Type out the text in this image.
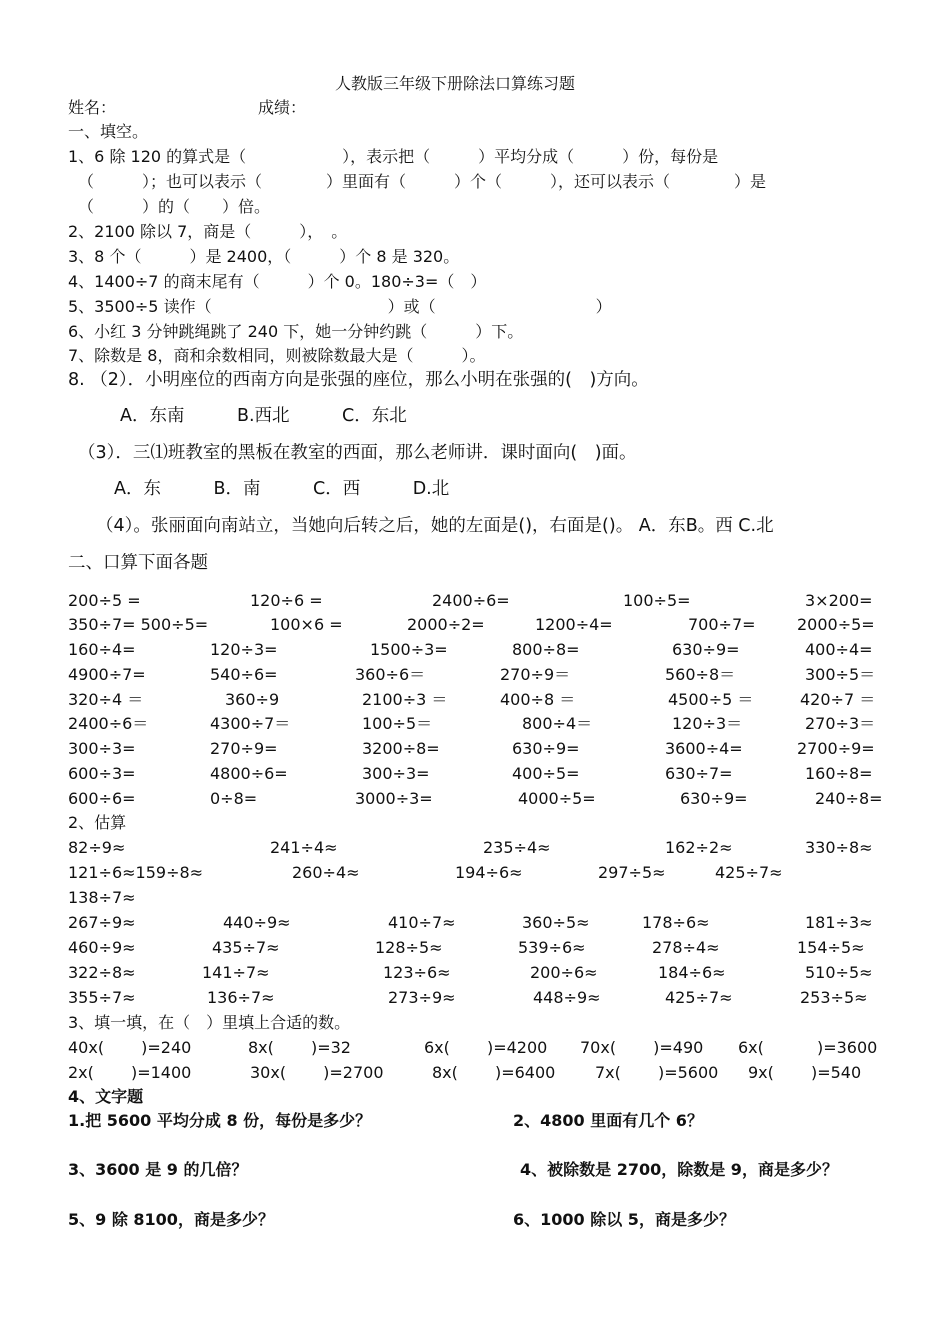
人教版三年级下册除法口算练习题
姓名：	成绩：
一、填空。
1、6 除 120 的算式是（　　　　　　），表示把（　　　）平均分成（　　　）份，每份是
（　　　）；也可以表示（　　　　）里面有（　　　）个（　　　），还可以表示（　　　　）是
（　　　）的（　　）倍。
2、2100 除以 7，商是（　　　），　。
3、8 个（　　　）是 2400，（　　　）个 8 是 320。
4、1400÷7 的商末尾有（　　　）个 0。180÷3=（　）
5、3500÷5 读作（　　　　　　　　　　　）或（　　　　　　　　　　）
6、小红 3 分钟跳绳跳了 240 下，她一分钟约跳（　　　）下。
7、除数是 8，商和余数相同，则被除数最大是（　　　）。
8. （2）．小明座位的西南方向是张强的座位，那么小明在张强的(　)方向。
A．东南　　　B.西北　　　C．东北
（3）．三⑴班教室的黑板在教室的西面，那么老师讲．课时面向(　)面。
A．东　　　B．南　　　C．西　　　D.北
（4）。张丽面向南站立，当她向后转之后，她的左面是()，右面是()。 A．东B。西 C.北
二、口算下面各题
200÷5 =	120÷6 =	2400÷6=	100÷5=	3×200=
350÷7= 500÷5=	100×6 =	2000÷2=	1200÷4=	700÷7=	2000÷5=
160÷4=	120÷3=	1500÷3=	800÷8=	630÷9=	400÷4=
4900÷7=	540÷6=	360÷6＝	270÷9＝	560÷8＝	300÷5＝
320÷4 ＝	360÷9	2100÷3 ＝	400÷8 ＝	4500÷5 ＝	420÷7 ＝
2400÷6＝	4300÷7＝	100÷5＝	800÷4＝	120÷3＝	270÷3＝
300÷3=	270÷9=	3200÷8=	630÷9=	3600÷4=	2700÷9=
600÷3=	4800÷6=	300÷3=	400÷5=	630÷7=	160÷8=
600÷6=	0÷8=	3000÷3=	4000÷5=	630÷9=	240÷8=
2、估算
82÷9≈	241÷4≈	235÷4≈	162÷2≈	330÷8≈
121÷6≈159÷8≈	260÷4≈	194÷6≈	297÷5≈	425÷7≈
138÷7≈
267÷9≈	440÷9≈	410÷7≈	360÷5≈	178÷6≈	181÷3≈
460÷9≈	435÷7≈	128÷5≈	539÷6≈	278÷4≈	154÷5≈
322÷8≈	141÷7≈	123÷6≈	200÷6≈	184÷6≈	510÷5≈
355÷7≈	136÷7≈	273÷9≈	448÷9≈	425÷7≈	253÷5≈
3、填一填，在（　）里填上合适的数。
40x(　　 )=240	8x(　　 )=32	6x(　　 )=4200 70x(　　 )=490 6x(　　　 )=3600
2x(　　 )=1400	30x(　　 )=2700	8x(　　 )=6400 7x(　　 )=5600 9x(　　 )=540
4、文字题
1.把 5600 平均分成 8 份，每份是多少？	2、4800 里面有几个 6？
3、3600 是 9 的几倍？	4、被除数是 2700，除数是 9，商是多少？
5、9 除 8100，商是多少？	6、1000 除以 5，商是多少？
